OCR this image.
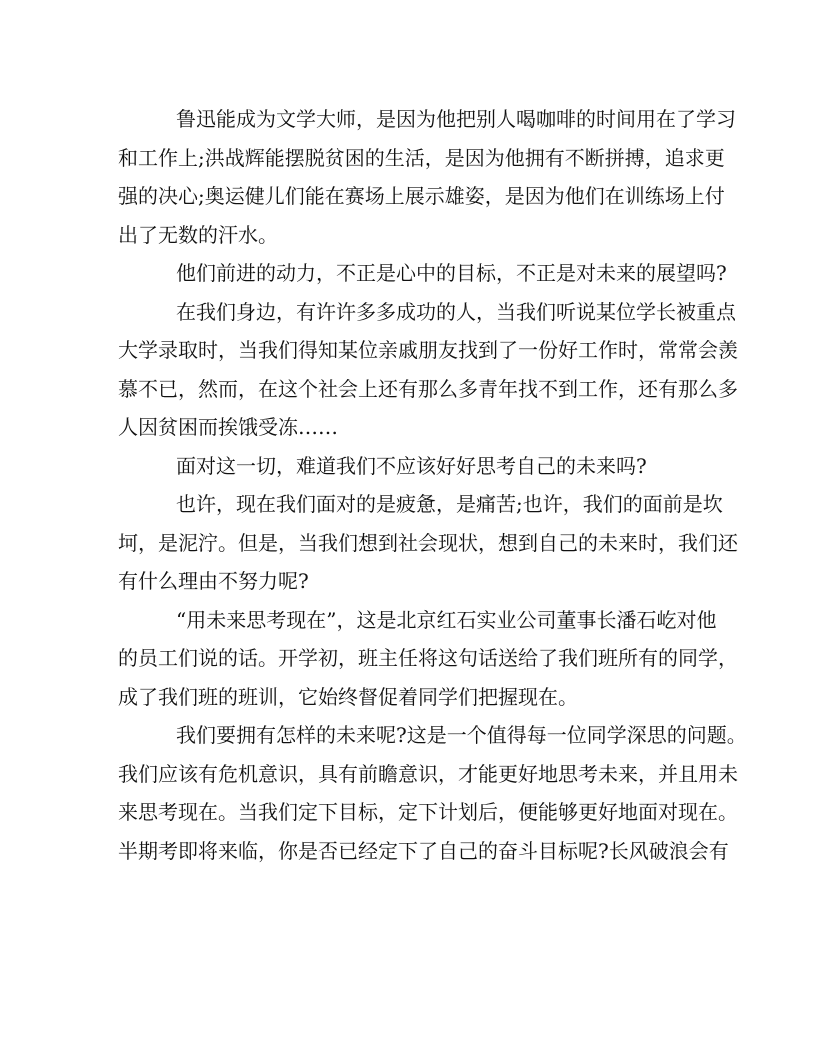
鲁迅能成为文学大师，是因为他把别人喝咖啡的时间用在了学习
和工作上;洪战辉能摆脱贫困的生活，是因为他拥有不断拼搏，追求更
强的决心;奥运健儿们能在赛场上展示雄姿，是因为他们在训练场上付
出了无数的汗水。
他们前进的动力，不正是心中的目标，不正是对未来的展望吗?
在我们身边，有许许多多成功的人，当我们听说某位学长被重点
大学录取时，当我们得知某位亲戚朋友找到了一份好工作时，常常会羡
慕不已，然而，在这个社会上还有那么多青年找不到工作，还有那么多
人因贫困而挨饿受冻……
面对这一切，难道我们不应该好好思考自己的未来吗?
也许，现在我们面对的是疲惫，是痛苦;也许，我们的面前是坎
坷，是泥泞。但是，当我们想到社会现状，想到自己的未来时，我们还
有什么理由不努力呢?
“用未来思考现在”，这是北京红石实业公司董事长潘石屹对他
的员工们说的话。开学初，班主任将这句话送给了我们班所有的同学，
成了我们班的班训，它始终督促着同学们把握现在。
我们要拥有怎样的未来呢?这是一个值得每一位同学深思的问题。
我们应该有危机意识，具有前瞻意识，才能更好地思考未来，并且用未
来思考现在。当我们定下目标，定下计划后，便能够更好地面对现在。
半期考即将来临，你是否已经定下了自己的奋斗目标呢?长风破浪会有
